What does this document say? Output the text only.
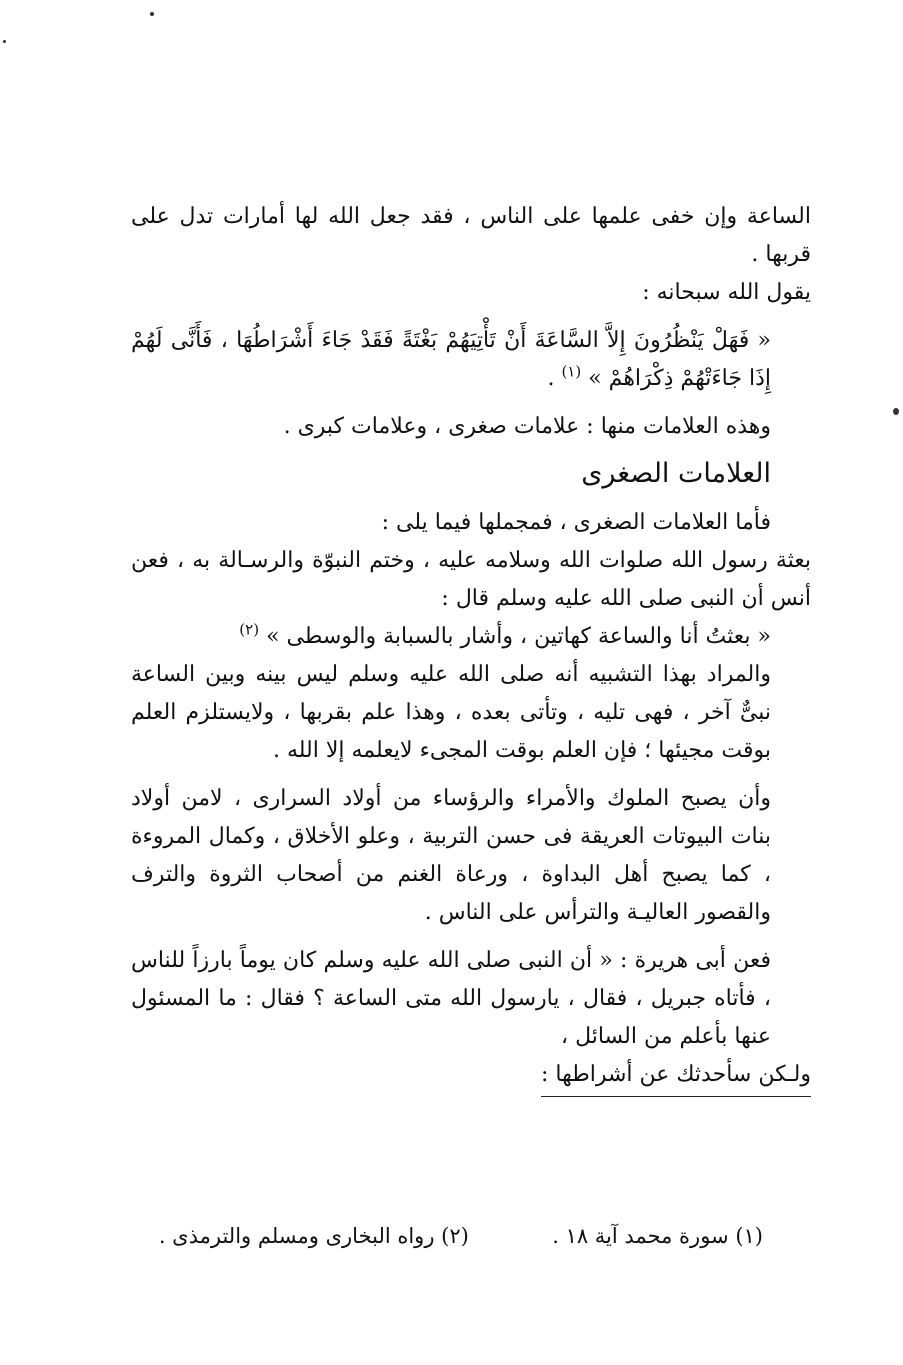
الساعة وإن خفى علمها على الناس ، فقد جعل الله لها أمارات تدل على قربها .

يقول الله سبحانه :

« فَهَلْ يَنْظُرُونَ إِلاَّ السَّاعَةَ أَنْ تَأْتِيَهُمْ بَغْتَةً فَقَدْ جَاءَ أَشْرَاطُهَا ، فَأَنَّى لَهُمْ إِذَا جَاءَتْهُمْ ذِكْرَاهُمْ » $^{(١)}$ .

وهذه العلامات منها : علامات صغرى ، وعلامات كبرى .

العلامات الصغرى

فأما العلامات الصغرى ، فمجملها فيما يلى :

بعثة رسول الله صلوات الله وسلامه عليه ، وختم النبوّة والرسـالة به ، فعن أنس أن النبى صلى الله عليه وسلم قال :

« بعثتُ أنا والساعة كهاتين ، وأشار بالسبابة والوسطى » $^{(٢)}$

والمراد بهذا التشبيه أنه صلى الله عليه وسلم ليس بينه وبين الساعة نبىٌّ آخر ، فهى تليه ، وتأتى بعده ، وهذا علم بقربها ، ولايستلزم العلم بوقت مجيئها ؛ فإن العلم بوقت المجىء لايعلمه إلا الله .

وأن يصبح الملوك والأمراء والرؤساء من أولاد السرارى ، لامن أولاد بنات البيوتات العريقة فى حسن التربية ، وعلو الأخلاق ، وكمال المروءة ، كما يصبح أهل البداوة ، ورعاة الغنم من أصحاب الثروة والترف والقصور العاليـة والترأس على الناس .

فعن أبى هريرة : « أن النبى صلى الله عليه وسلم كان يوماً بارزاً للناس ، فأتاه جبريل ، فقال ، يارسول الله متى الساعة ؟ فقال : ما المسئول عنها بأعلم من السائل ،

ولـكن سأحدثك عن أشراطها :

(١) سورة محمد آية ١٨ .  (٢) رواه البخارى ومسلم والترمذى .
